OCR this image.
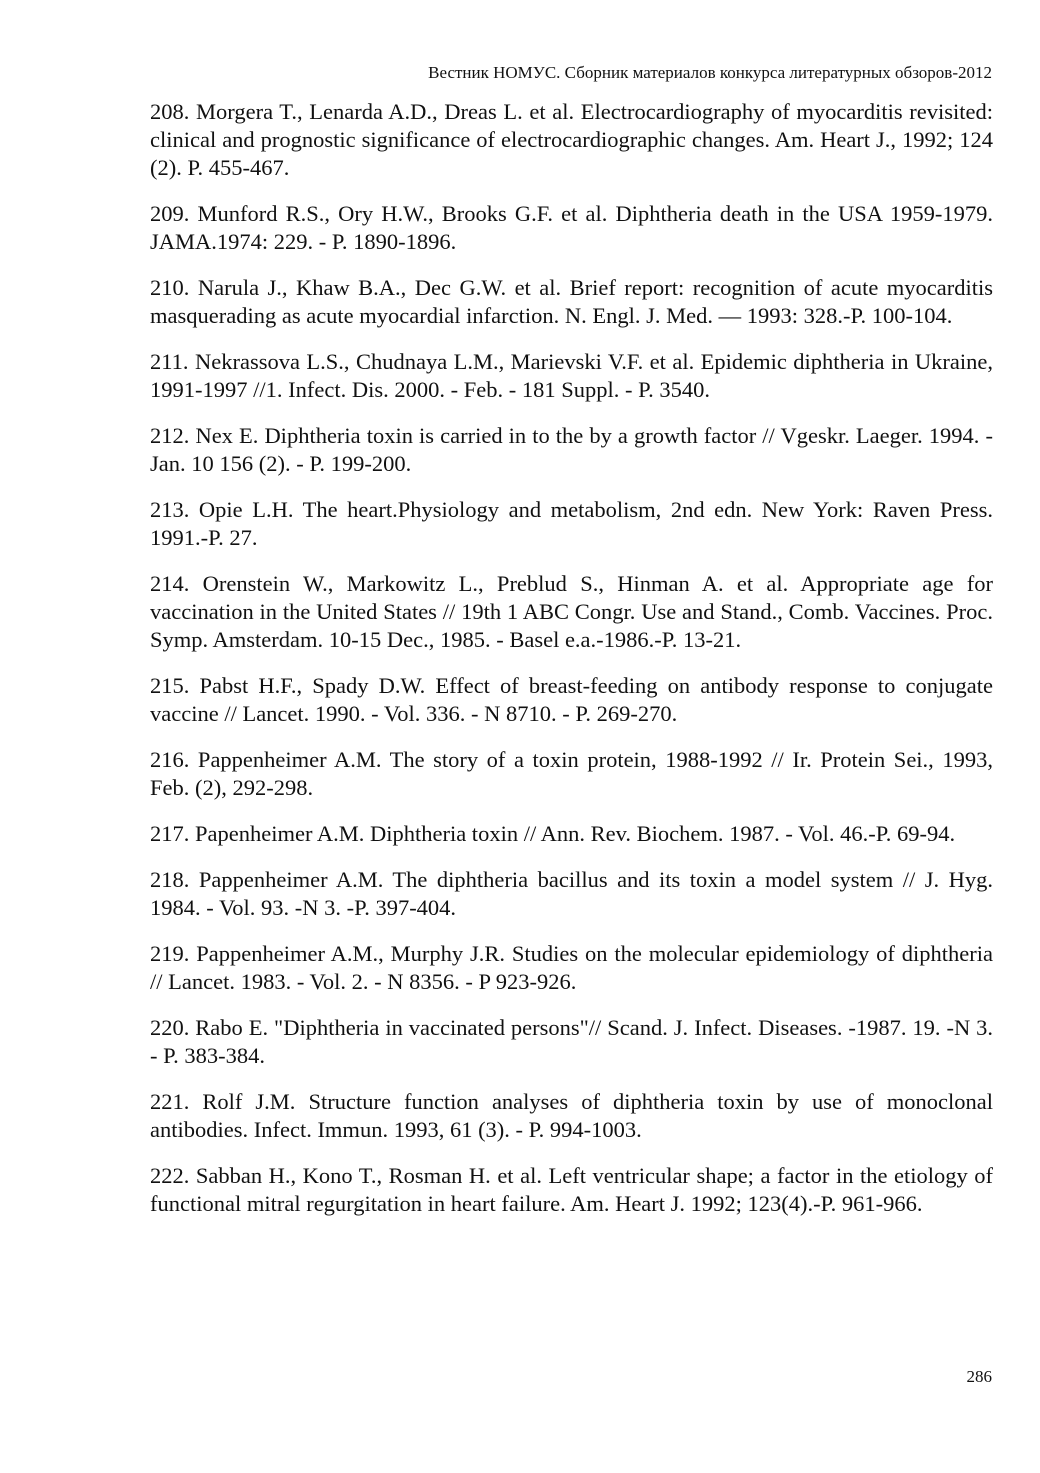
Вестник НОМУС. Сборник материалов конкурса литературных обзоров-2012
208. Morgera T., Lenarda A.D., Dreas L. et al. Electrocardiography of myocarditis revisited: clinical and prognostic significance of electrocardiographic changes. Am. Heart J., 1992; 124 (2). P. 455-467.
209. Munford R.S., Ory H.W., Brooks G.F. et al. Diphtheria death in the USA 1959-1979. JAMA.1974: 229. - P. 1890-1896.
210. Narula J., Khaw B.A., Dec G.W. et al. Brief report: recognition of acute myocarditis masquerading as acute myocardial infarction. N. Engl. J. Med. — 1993: 328.-P. 100-104.
211. Nekrassova L.S., Chudnaya L.M., Marievski V.F. et al. Epidemic diphtheria in Ukraine, 1991-1997 //1. Infect. Dis. 2000. - Feb. - 181 Suppl. - P. 3540.
212. Nex E. Diphtheria toxin is carried in to the by a growth factor // Vgeskr. Laeger. 1994. - Jan. 10 156 (2). - P. 199-200.
213. Opie L.H. The heart.Physiology and metabolism, 2nd edn. New York: Raven Press. 1991.-P. 27.
214. Orenstein W., Markowitz L., Preblud S., Hinman A. et al. Appropriate age for vaccination in the United States // 19th 1 ABC Congr. Use and Stand., Comb. Vaccines. Proc. Symp. Amsterdam. 10-15 Dec., 1985. - Basel e.a.-1986.-P. 13-21.
215. Pabst H.F., Spady D.W. Effect of breast-feeding on antibody response to conjugate vaccine // Lancet. 1990. - Vol. 336. - N 8710. - P. 269-270.
216. Pappenheimer A.M. The story of a toxin protein, 1988-1992 // Ir. Protein Sei., 1993, Feb. (2), 292-298.
217. Papenheimer A.M. Diphtheria toxin // Ann. Rev. Biochem. 1987. - Vol. 46.-P. 69-94.
218. Pappenheimer A.M. The diphtheria bacillus and its toxin a model system // J. Hyg. 1984. - Vol. 93. -N 3. -P. 397-404.
219. Pappenheimer A.M., Murphy J.R. Studies on the molecular epidemiology of diphtheria // Lancet. 1983. - Vol. 2. - N 8356. - P 923-926.
220. Rabo E. "Diphtheria in vaccinated persons"// Scand. J. Infect. Diseases. -1987. 19. -N 3. - P. 383-384.
221. Rolf J.M. Structure function analyses of diphtheria toxin by use of monoclonal antibodies. Infect. Immun. 1993, 61 (3). - P. 994-1003.
222. Sabban H., Kono T., Rosman H. et al. Left ventricular shape; a factor in the etiology of functional mitral regurgitation in heart failure. Am. Heart J. 1992; 123(4).-P. 961-966.
286
